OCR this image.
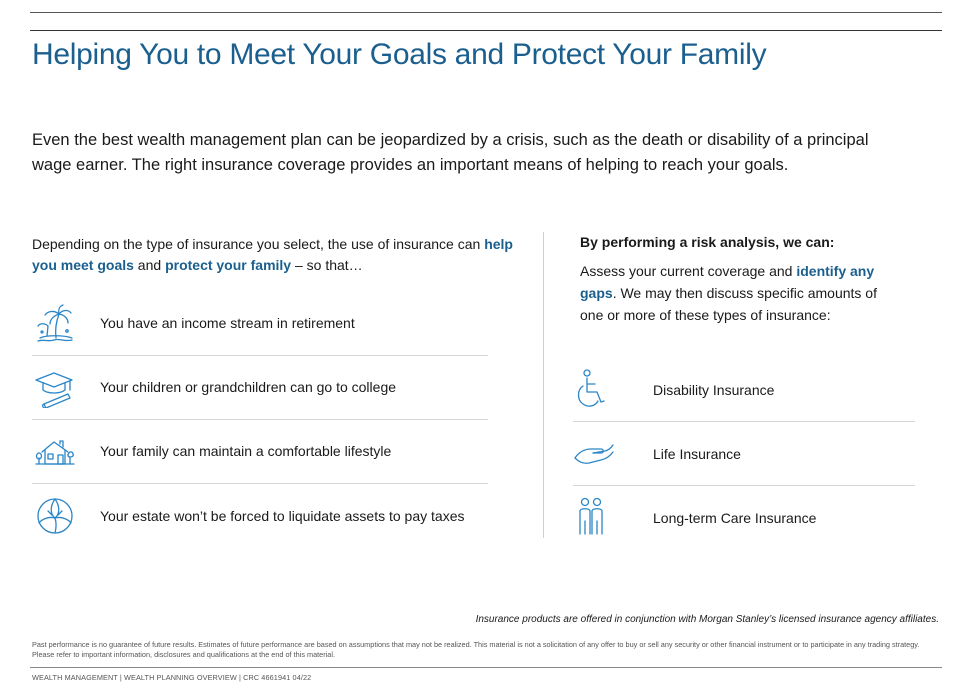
Helping You to Meet Your Goals and Protect Your Family

Even the best wealth management plan can be jeopardized by a crisis, such as the death or disability of a principal wage earner. The right insurance coverage provides an important means of helping to reach your goals.

Depending on the type of insurance you select, the use of insurance can help you meet goals and protect your family – so that…

You have an income stream in retirement
Your children or grandchildren can go to college
Your family can maintain a comfortable lifestyle
Your estate won’t be forced to liquidate assets to pay taxes

By performing a risk analysis, we can:

Assess your current coverage and identify any gaps. We may then discuss specific amounts of one or more of these types of insurance:

Disability Insurance
Life Insurance
Long-term Care Insurance

Insurance products are offered in conjunction with Morgan Stanley’s licensed insurance agency affiliates.

Past performance is no guarantee of future results. Estimates of future performance are based on assumptions that may not be realized. This material is not a solicitation of any offer to buy or sell any security or other financial instrument or to participate in any trading strategy. Please refer to important information, disclosures and qualifications at the end of this material.

WEALTH MANAGEMENT | WEALTH PLANNING OVERVIEW | CRC 4661941 04/22
